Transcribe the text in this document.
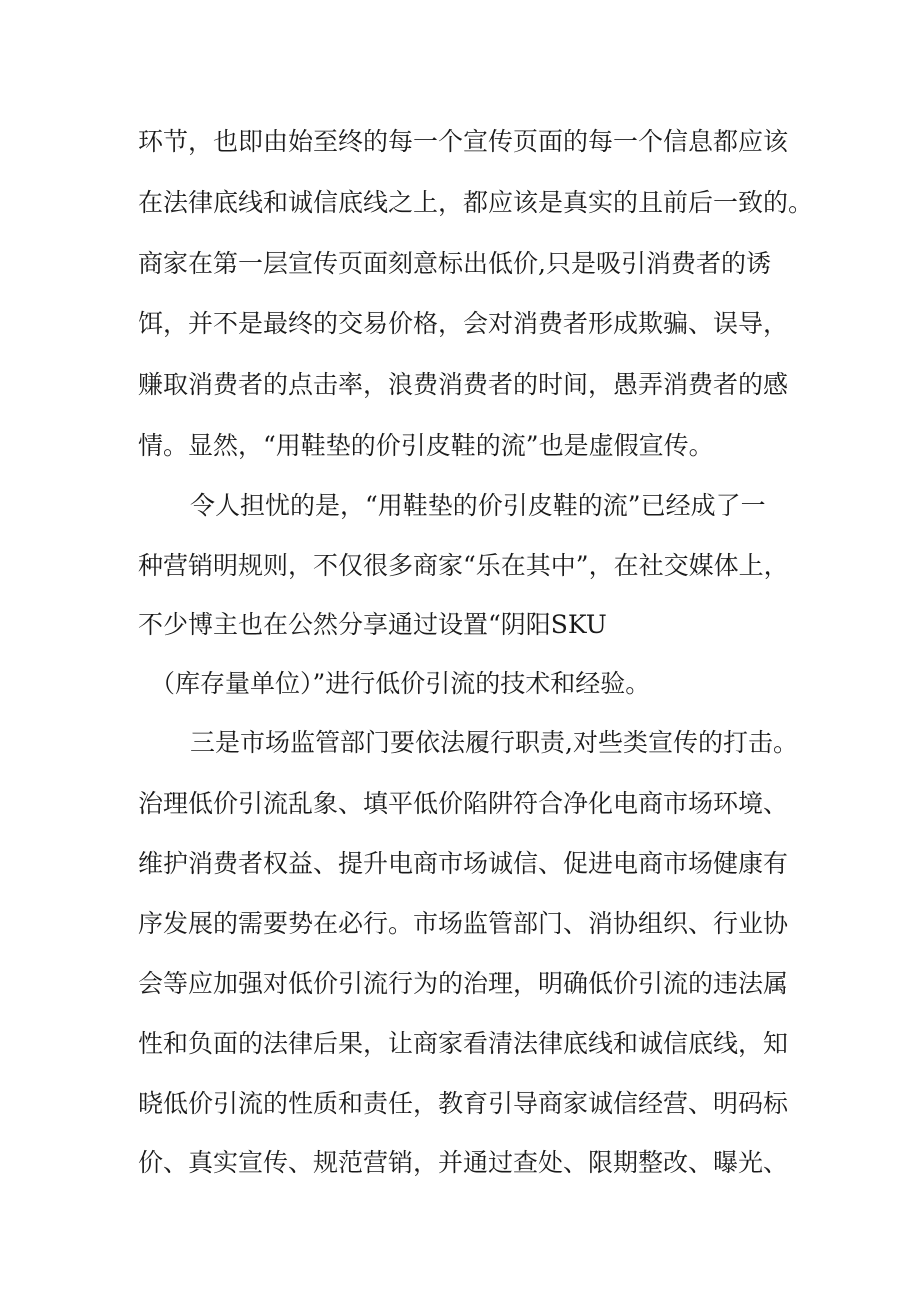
环节，也即由始至终的每一个宣传页面的每一个信息都应该
在法律底线和诚信底线之上，都应该是真实的且前后一致的。
商家在第一层宣传页面刻意标出低价,只是吸引消费者的诱
饵，并不是最终的交易价格，会对消费者形成欺骗、误导，
赚取消费者的点击率，浪费消费者的时间，愚弄消费者的感
情。显然，“用鞋垫的价引皮鞋的流”也是虚假宣传。
令人担忧的是，“用鞋垫的价引皮鞋的流”已经成了一
种营销明规则，不仅很多商家“乐在其中”，在社交媒体上，
不少博主也在公然分享通过设置“阴阳SKU
（库存量单位）”进行低价引流的技术和经验。
三是市场监管部门要依法履行职责,对些类宣传的打击。
治理低价引流乱象、填平低价陷阱符合净化电商市场环境、
维护消费者权益、提升电商市场诚信、促进电商市场健康有
序发展的需要势在必行。市场监管部门、消协组织、行业协
会等应加强对低价引流行为的治理，明确低价引流的违法属
性和负面的法律后果，让商家看清法律底线和诚信底线，知
晓低价引流的性质和责任，教育引导商家诚信经营、明码标
价、真实宣传、规范营销，并通过查处、限期整改、曝光、
